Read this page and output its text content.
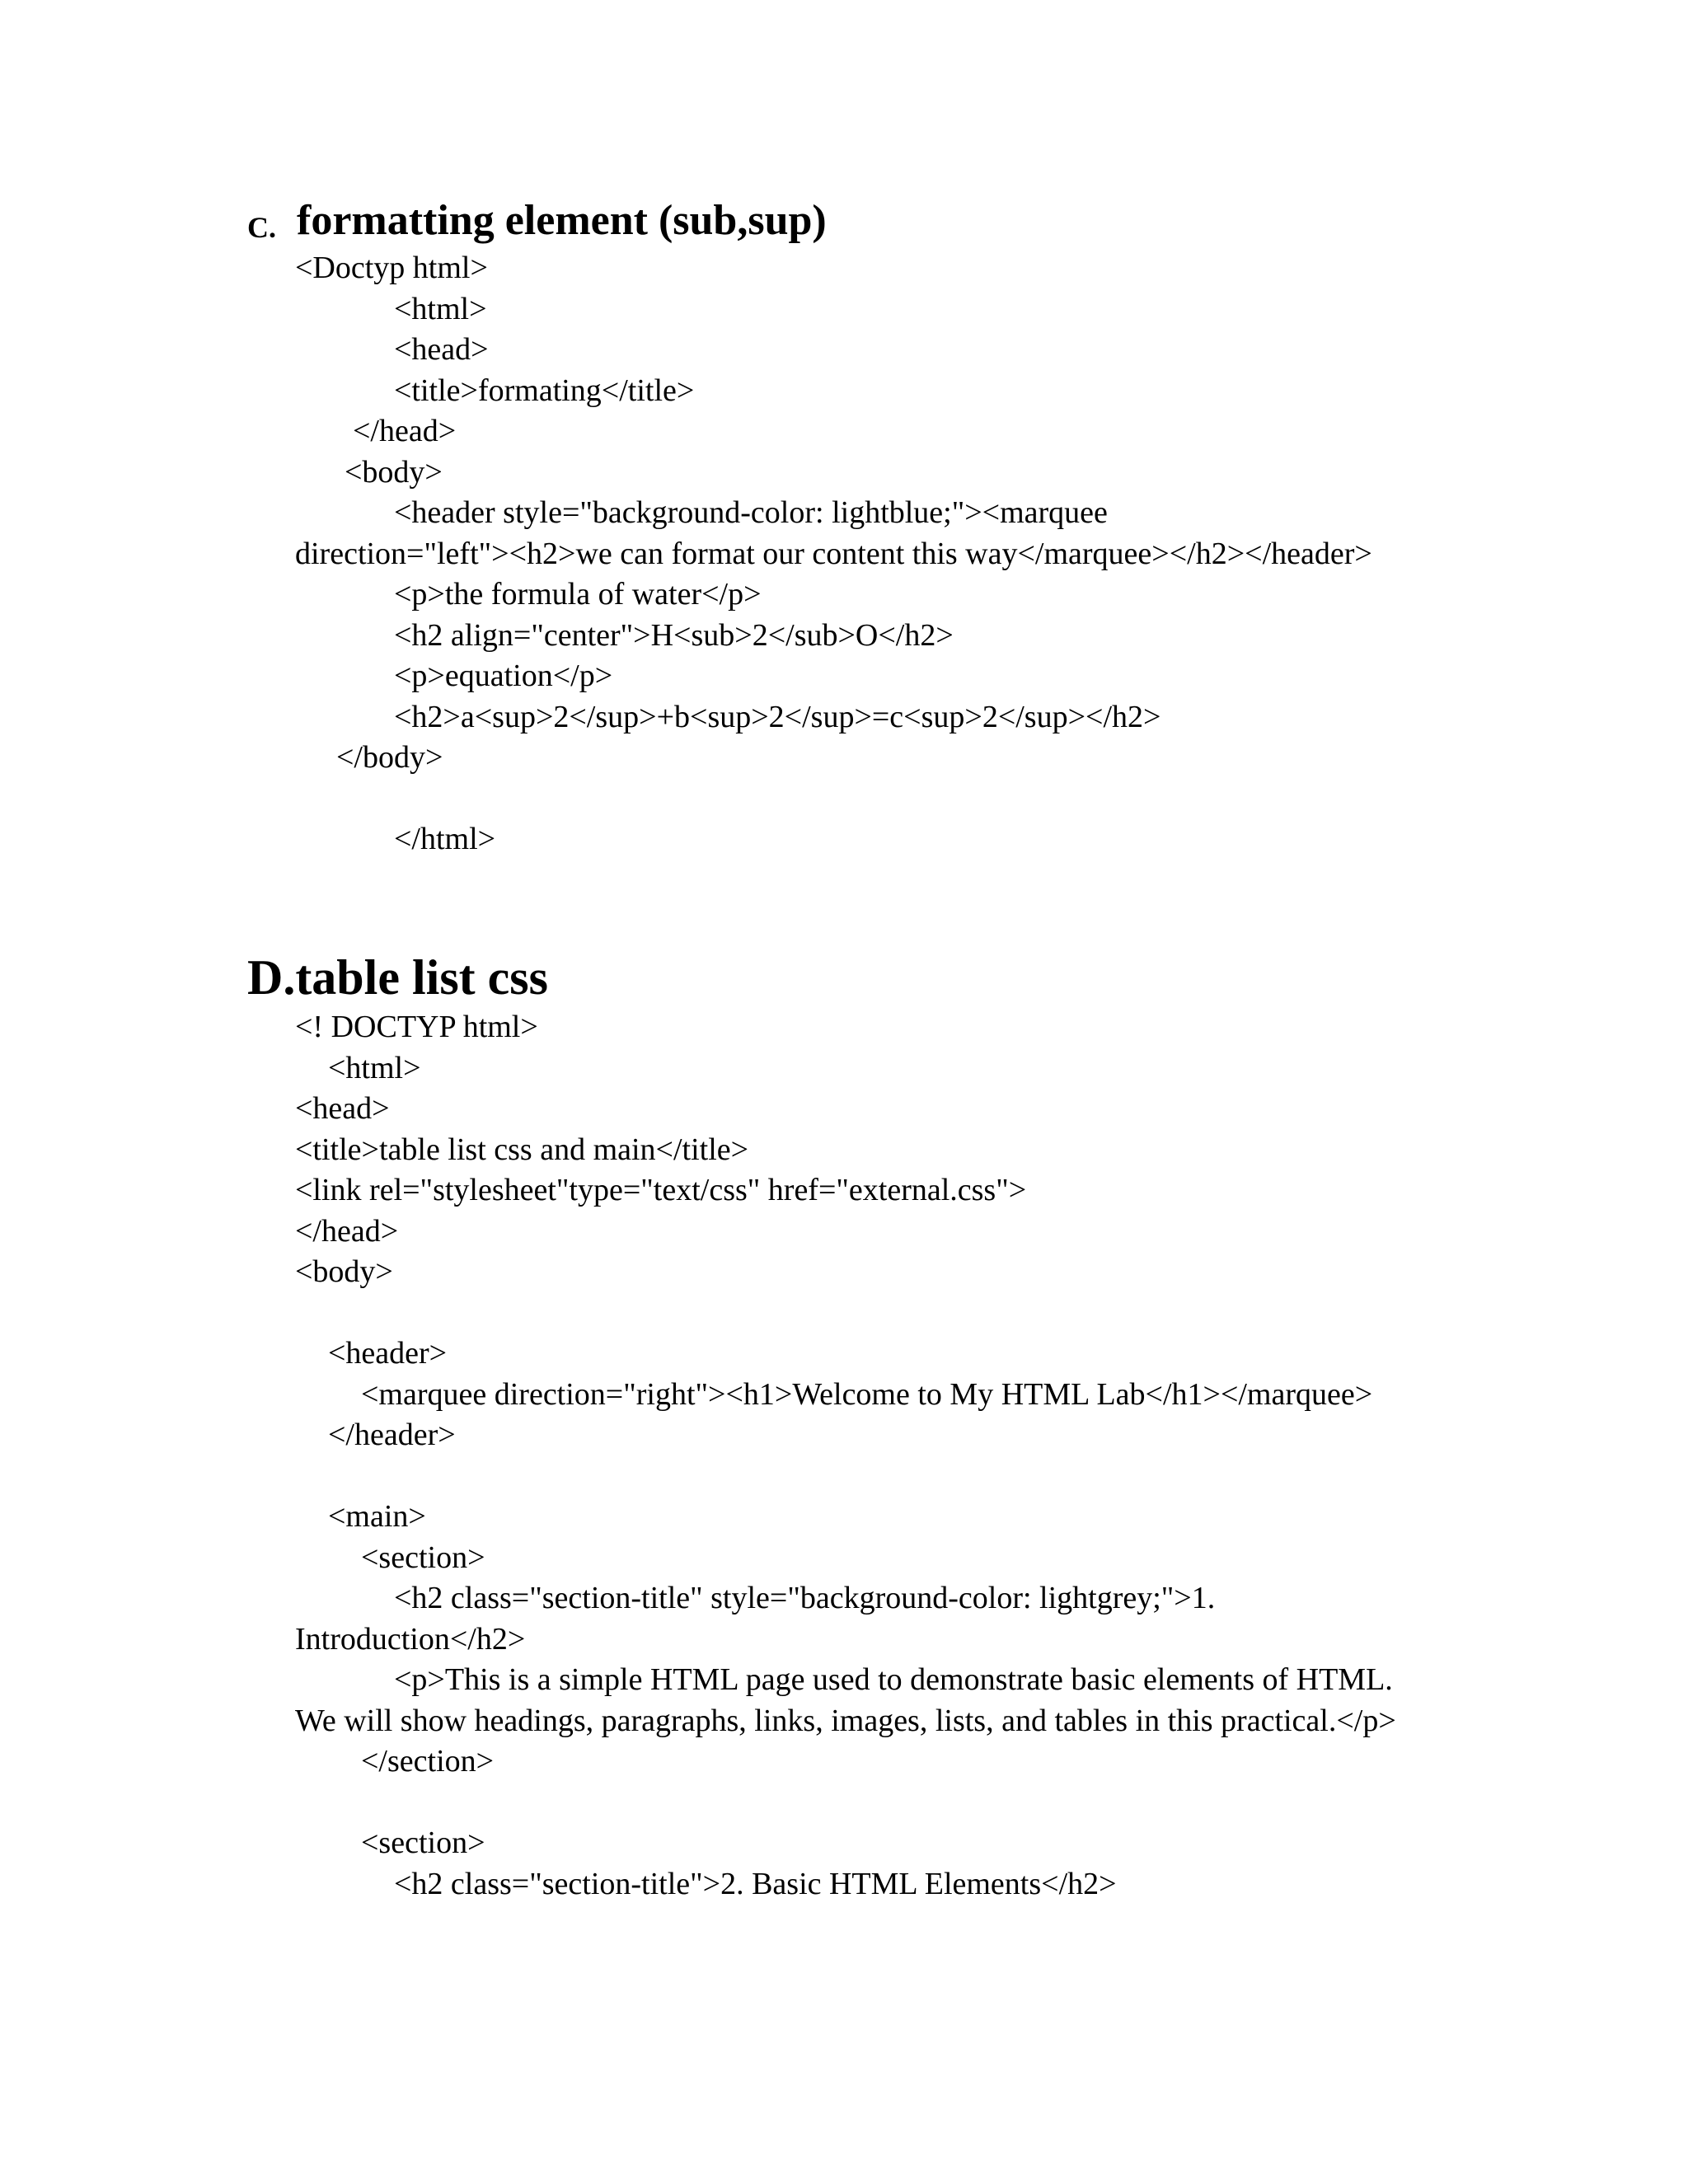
C. formatting element (sub,sup)
<Doctyp html>
<html>
<head>
<title>formating</title>
</head>
<body>
<header style="background-color: lightblue;"><marquee
direction="left"><h2>we can format our content this way</marquee></h2></header>
<p>the formula of water</p>
<h2 align="center">H<sub>2</sub>O</h2>
<p>equation</p>
<h2>a<sup>2</sup>+b<sup>2</sup>=c<sup>2</sup></h2>
</body>
</html>
D.table list css
<! DOCTYP html>
<html>
<head>
<title>table list css and main</title>
<link rel="stylesheet"type="text/css" href="external.css">
</head>
<body>
<header>
<marquee direction="right"><h1>Welcome to My HTML Lab</h1></marquee>
</header>
<main>
<section>
<h2 class="section-title" style="background-color: lightgrey;">1.
Introduction</h2>
<p>This is a simple HTML page used to demonstrate basic elements of HTML.
We will show headings, paragraphs, links, images, lists, and tables in this practical.</p>
</section>
<section>
<h2 class="section-title">2. Basic HTML Elements</h2>
